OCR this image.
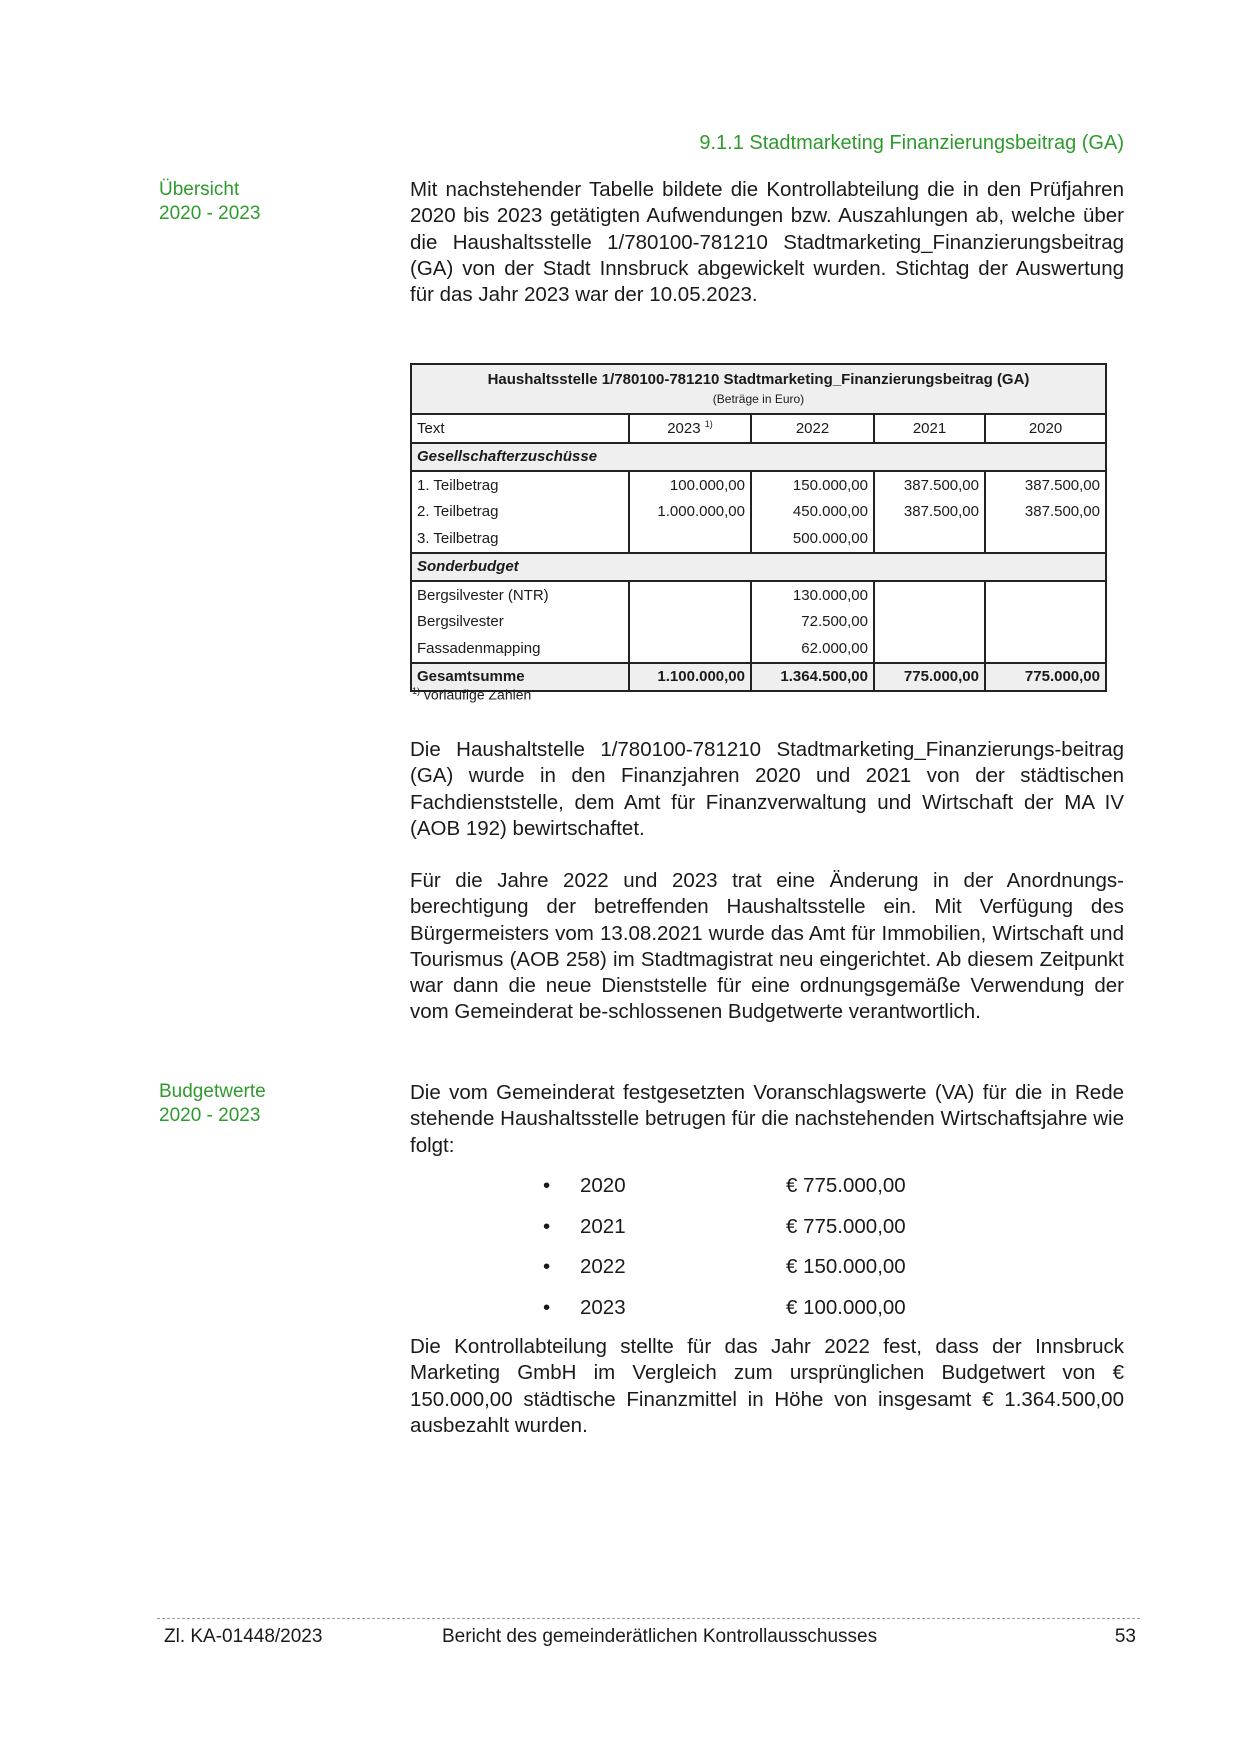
9.1.1 Stadtmarketing Finanzierungsbeitrag (GA)
Übersicht
2020 - 2023
Mit nachstehender Tabelle bildete die Kontrollabteilung die in den Prüfjahren 2020 bis 2023 getätigten Aufwendungen bzw. Auszahlungen ab, welche über die Haushaltsstelle 1/780100-781210 Stadtmarketing_Finanzierungsbeitrag (GA) von der Stadt Innsbruck abgewickelt wurden. Stichtag der Auswertung für das Jahr 2023 war der 10.05.2023.
Haushaltsstelle 1/780100-781210 Stadtmarketing_Finanzierungsbeitrag (GA)
(Beträge in Euro)				
Text	2023 $^{1)}$	2022	2021	2020
Gesellschafterzuschüsse				
1. Teilbetrag	100.000,00	150.000,00	387.500,00	387.500,00
2. Teilbetrag	1.000.000,00	450.000,00	387.500,00	387.500,00
3. Teilbetrag		500.000,00		
Sonderbudget				
Bergsilvester (NTR)		130.000,00		
Bergsilvester		72.500,00		
Fassadenmapping		62.000,00		
Gesamtsumme	1.100.000,00	1.364.500,00	775.000,00	775.000,00
$^{1)}$ vorläufige Zahlen
Die Haushaltstelle 1/780100-781210 Stadtmarketing_Finanzierungs-beitrag (GA) wurde in den Finanzjahren 2020 und 2021 von der städtischen Fachdienststelle, dem Amt für Finanzverwaltung und Wirtschaft der MA IV (AOB 192) bewirtschaftet.
Für die Jahre 2022 und 2023 trat eine Änderung in der Anordnungs-berechtigung der betreffenden Haushaltsstelle ein. Mit Verfügung des Bürgermeisters vom 13.08.2021 wurde das Amt für Immobilien, Wirtschaft und Tourismus (AOB 258) im Stadtmagistrat neu eingerichtet. Ab diesem Zeitpunkt war dann die neue Dienststelle für eine ordnungsgemäße Verwendung der vom Gemeinderat be-schlossenen Budgetwerte verantwortlich.
Budgetwerte
2020 - 2023
Die vom Gemeinderat festgesetzten Voranschlagswerte (VA) für die in Rede stehende Haushaltsstelle betrugen für die nachstehenden Wirtschaftsjahre wie folgt:
• 2020	€ 775.000,00
• 2021	€ 775.000,00
• 2022	€ 150.000,00
• 2023	€ 100.000,00
Die Kontrollabteilung stellte für das Jahr 2022 fest, dass der Innsbruck Marketing GmbH im Vergleich zum ursprünglichen Budgetwert von € 150.000,00 städtische Finanzmittel in Höhe von insgesamt € 1.364.500,00 ausbezahlt wurden.
Zl. KA-01448/2023	Bericht des gemeinderätlichen Kontrollausschusses	53
